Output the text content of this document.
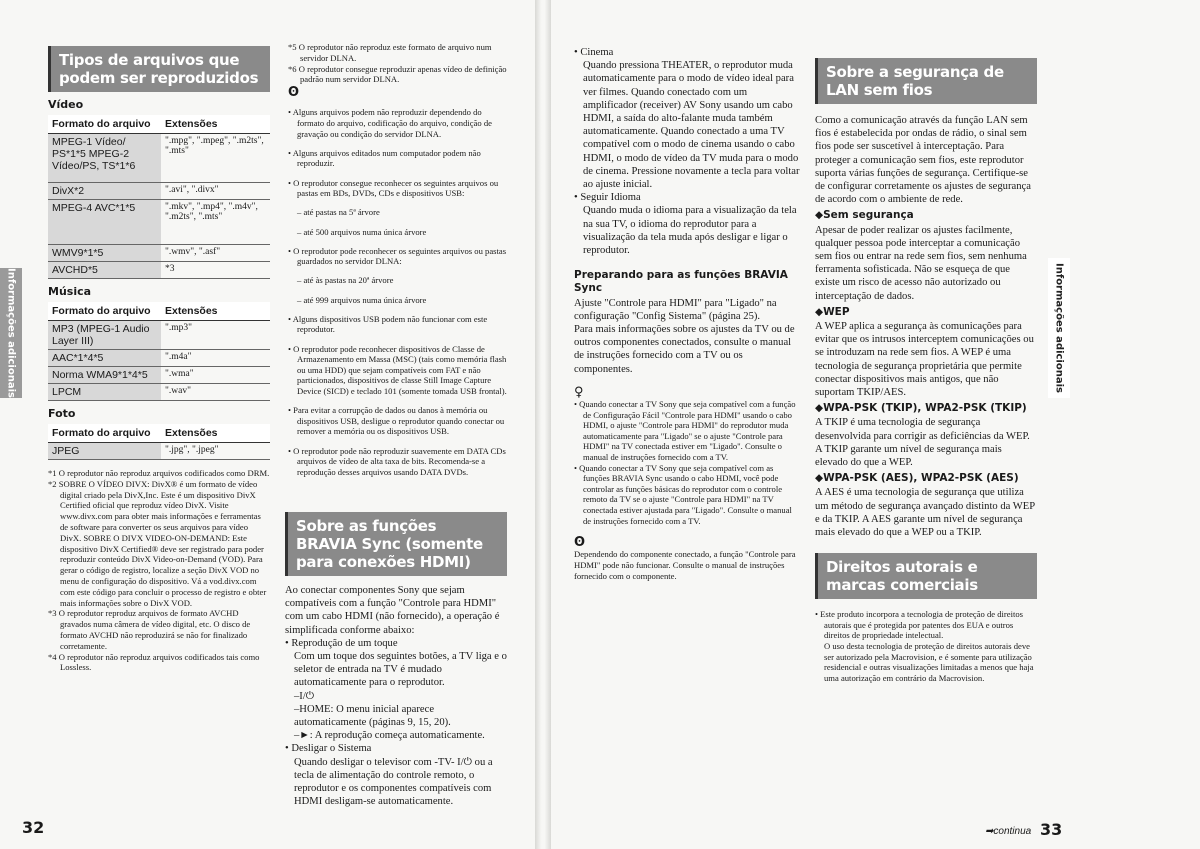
Tipos de arquivos que podem ser reproduzidos
Vídeo
Formato do arquivo	Extensões
MPEG-1 Vídeo/ PS*1*5 MPEG-2 Vídeo/PS, TS*1*6	".mpg", ".mpeg", ".m2ts", ".mts"
DivX*2	".avi", ".divx"
MPEG-4 AVC*1*5	".mkv", ".mp4", ".m4v", ".m2ts", ".mts"
WMV9*1*5	".wmv", ".asf"
AVCHD*5	*3
Música
Formato do arquivo	Extensões
MP3 (MPEG-1 Audio Layer III)	".mp3"
AAC*1*4*5	".m4a"
Norma WMA9*1*4*5	".wma"
LPCM	".wav"
Foto
Formato do arquivo	Extensões
JPEG	".jpg", ".jpeg"

*1 O reprodutor não reproduz arquivos codificados como DRM.

*2 SOBRE O VÍDEO DIVX: DivX® é um formato de vídeo digital criado pela DivX,Inc. Este é um dispositivo DivX Certified oficial que reproduz vídeo DivX. Visite www.divx.com para obter mais informações e ferramentas de software para converter os seus arquivos para vídeo DivX. SOBRE O DIVX VIDEO-ON-DEMAND: Este dispositivo DivX Certified® deve ser registrado para poder reproduzir conteúdo DivX Video-on-Demand (VOD). Para gerar o código de registro, localize a seção DivX VOD no menu de configuração do dispositivo. Vá a vod.divx.com com este código para concluir o processo de registro e obter mais informações sobre o DivX VOD.

*3 O reprodutor reproduz arquivos de formato AVCHD gravados numa câmera de vídeo digital, etc. O disco de formato AVCHD não reproduzirá se não for finalizado corretamente.

*4 O reprodutor não reproduz arquivos codificados tais como Lossless.

Informações adicionais
32

*5 O reprodutor não reproduz este formato de arquivo num servidor DLNA.

*6 O reprodutor consegue reproduzir apenas vídeo de definição padrão num servidor DLNA.

ʘ

• Alguns arquivos podem não reproduzir dependendo do formato do arquivo, codificação do arquivo, condição de gravação ou condição do servidor DLNA.

• Alguns arquivos editados num computador podem não reproduzir.

• O reprodutor consegue reconhecer os seguintes arquivos ou pastas em BDs, DVDs, CDs e dispositivos USB:

– até pastas na 5ª árvore

– até 500 arquivos numa única árvore

• O reprodutor pode reconhecer os seguintes arquivos ou pastas guardados no servidor DLNA:

– até às pastas na 20ª árvore

– até 999 arquivos numa única árvore

• Alguns dispositivos USB podem não funcionar com este reprodutor.

• O reprodutor pode reconhecer dispositivos de Classe de Armazenamento em Massa (MSC) (tais como memória flash ou uma HDD) que sejam compatíveis com FAT e não particionados, dispositivos de classe Still Image Capture Device (SICD) e teclado 101 (somente tomada USB frontal).

• Para evitar a corrupção de dados ou danos à memória ou dispositivos USB, desligue o reprodutor quando conectar ou remover a memória ou os dispositivos USB.

• O reprodutor pode não reproduzir suavemente em DATA CDs arquivos de vídeo de alta taxa de bits. Recomenda-se a reprodução desses arquivos usando DATA DVDs.

Sobre as funções BRAVIA Sync (somente para conexões HDMI)

Ao conectar componentes Sony que sejam compatíveis com a função "Controle para HDMI" com um cabo HDMI (não fornecido), a operação é simplificada conforme abaixo:

• Reprodução de um toque

Com um toque dos seguintes botões, a TV liga e o seletor de entrada na TV é mudado automaticamente para o reprodutor.

–I/⏻

–HOME: O menu inicial aparece automaticamente (páginas 9, 15, 20).

–►: A reprodução começa automaticamente.

• Desligar o Sistema

Quando desligar o televisor com -TV- I/⏻ ou a tecla de alimentação do controle remoto, o reprodutor e os componentes compatíveis com HDMI desligam-se automaticamente.

• Cinema

Quando pressiona THEATER, o reprodutor muda automaticamente para o modo de vídeo ideal para ver filmes. Quando conectado com um amplificador (receiver) AV Sony usando um cabo HDMI, a saída do alto-falante muda também automaticamente. Quando conectado a uma TV compatível com o modo de cinema usando o cabo HDMI, o modo de vídeo da TV muda para o modo de cinema. Pressione novamente a tecla para voltar ao ajuste inicial.

• Seguir Idioma

Quando muda o idioma para a visualização da tela na sua TV, o idioma do reprodutor para a visualização da tela muda após desligar e ligar o reprodutor.

Preparando para as funções BRAVIA Sync

Ajuste "Controle para HDMI" para "Ligado" na configuração "Config Sistema" (página 25).

Para mais informações sobre os ajustes da TV ou de outros componentes conectados, consulte o manual de instruções fornecido com a TV ou os componentes.

♀

• Quando conectar a TV Sony que seja compatível com a função de Configuração Fácil "Controle para HDMI" usando o cabo HDMI, o ajuste "Controle para HDMI" do reprodutor muda automaticamente para "Ligado" se o ajuste "Controle para HDMI" na TV conectada estiver em "Ligado". Consulte o manual de instruções fornecido com a TV.

• Quando conectar a TV Sony que seja compatível com as funções BRAVIA Sync usando o cabo HDMI, você pode controlar as funções básicas do reprodutor com o controle remoto da TV se o ajuste "Controle para HDMI" na TV conectada estiver ajustada para "Ligado". Consulte o manual de instruções fornecido com a TV.

ʘ

Dependendo do componente conectado, a função "Controle para HDMI" pode não funcionar. Consulte o manual de instruções fornecido com o componente.

Sobre a segurança de LAN sem fios

Como a comunicação através da função LAN sem fios é estabelecida por ondas de rádio, o sinal sem fios pode ser suscetível à interceptação. Para proteger a comunicação sem fios, este reprodutor suporta várias funções de segurança. Certifique-se de configurar corretamente os ajustes de segurança de acordo com o ambiente de rede.

◆Sem segurança

Apesar de poder realizar os ajustes facilmente, qualquer pessoa pode interceptar a comunicação sem fios ou entrar na rede sem fios, sem nenhuma ferramenta sofisticada. Não se esqueça de que existe um risco de acesso não autorizado ou interceptação de dados.

◆WEP

A WEP aplica a segurança às comunicações para evitar que os intrusos interceptem comunicações ou se introduzam na rede sem fios. A WEP é uma tecnologia de segurança proprietária que permite conectar dispositivos mais antigos, que não suportam TKIP/AES.

◆WPA-PSK (TKIP), WPA2-PSK (TKIP)

A TKIP é uma tecnologia de segurança desenvolvida para corrigir as deficiências da WEP. A TKIP garante um nível de segurança mais elevado do que a WEP.

◆WPA-PSK (AES), WPA2-PSK (AES)

A AES é uma tecnologia de segurança que utiliza um método de segurança avançado distinto da WEP e da TKIP. A AES garante um nível de segurança mais elevado do que a WEP ou a TKIP.

Direitos autorais e marcas comerciais

• Este produto incorpora a tecnologia de proteção de direitos autorais que é protegida por patentes dos EUA e outros direitos de propriedade intelectual.

O uso desta tecnologia de proteção de direitos autorais deve ser autorizado pela Macrovision, e é somente para utilização residencial e outras visualizações limitadas a menos que haja uma autorização em contrário da Macrovision.

Informações adicionais
➡continua 33
